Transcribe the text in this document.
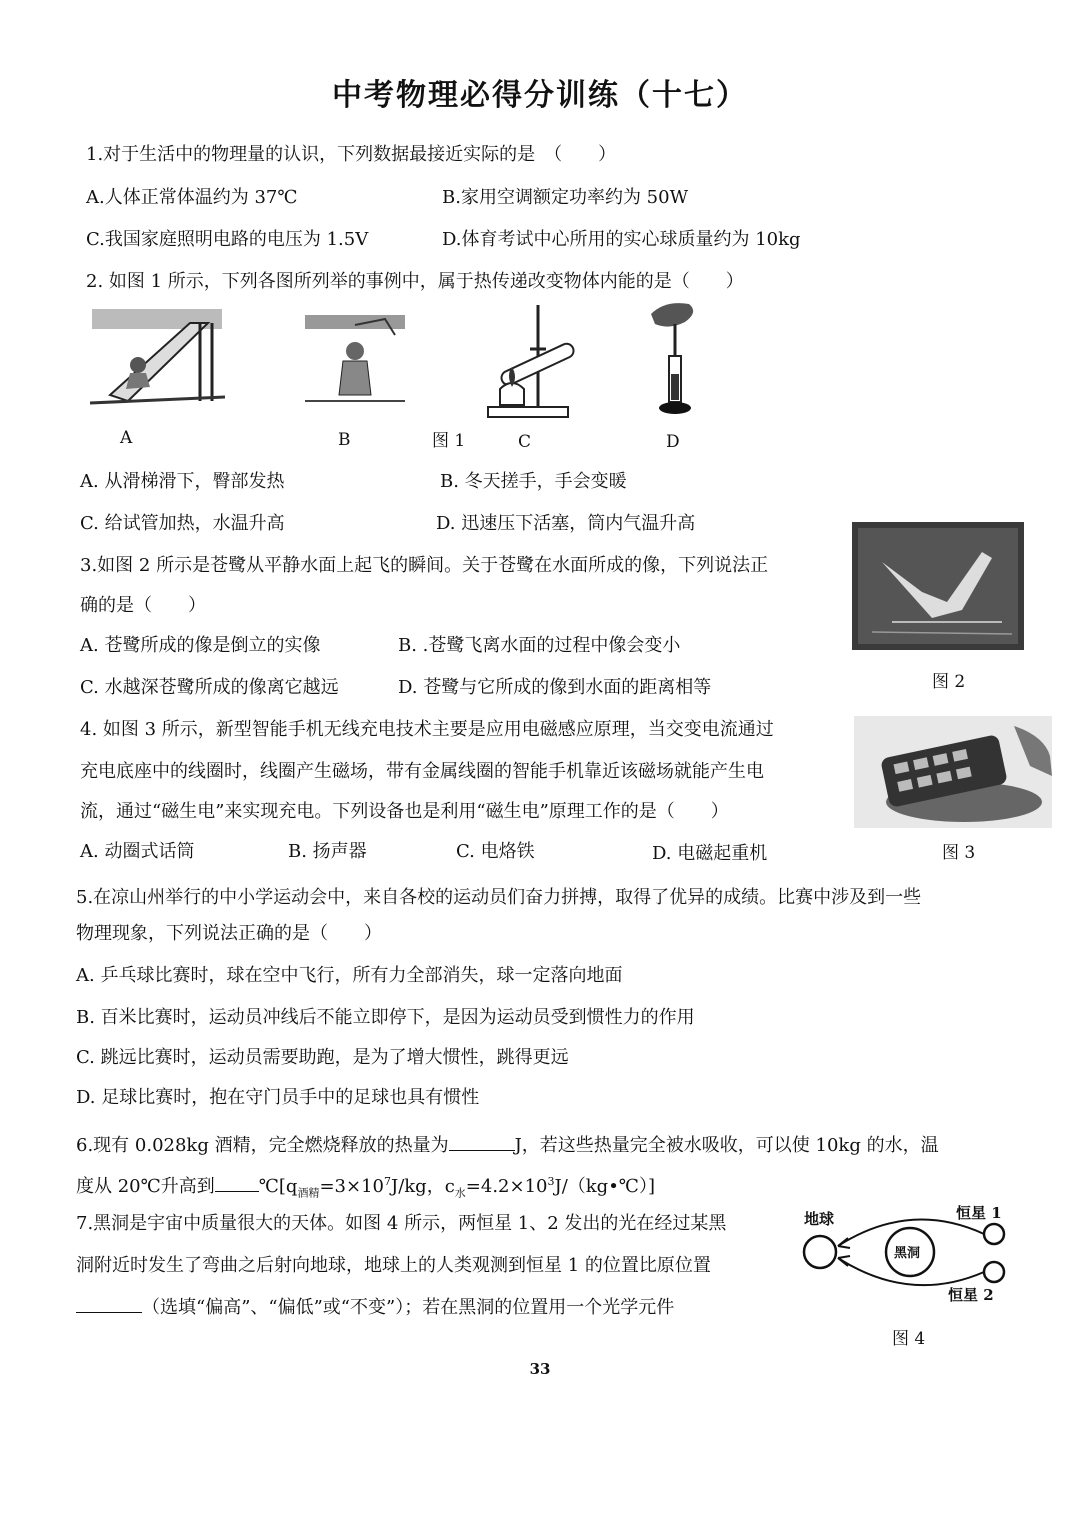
中考物理必得分训练（十七）
1.对于生活中的物理量的认识，下列数据最接近实际的是　（　　）
A.人体正常体温约为 37℃	B.家用空调额定功率约为 50W
C.我国家庭照明电路的电压为 1.5V	D.体育考试中心所用的实心球质量约为 10kg
2. 如图 1 所示，下列各图所列举的事例中，属于热传递改变物体内能的是（　　）
A	B	图 1	C	D
A. 从滑梯滑下，臀部发热	B. 冬天搓手，手会变暖
C. 给试管加热，水温升高	D. 迅速压下活塞，筒内气温升高
3.如图 2 所示是苍鹭从平静水面上起飞的瞬间。关于苍鹭在水面所成的像，下列说法正
确的是（　　）
A. 苍鹭所成的像是倒立的实像	B. .苍鹭飞离水面的过程中像会变小
C. 水越深苍鹭所成的像离它越远	D. 苍鹭与它所成的像到水面的距离相等	图 2
4. 如图 3 所示，新型智能手机无线充电技术主要是应用电磁感应原理，当交变电流通过
充电底座中的线圈时，线圈产生磁场，带有金属线圈的智能手机靠近该磁场就能产生电
流，通过“磁生电”来实现充电。下列设备也是利用“磁生电”原理工作的是（　　）
A. 动圈式话筒	B. 扬声器	C. 电烙铁	D. 电磁起重机	图 3
5.在凉山州举行的中小学运动会中，来自各校的运动员们奋力拼搏，取得了优异的成绩。比赛中涉及到一些
物理现象，下列说法正确的是（　　）
A. 乒乓球比赛时，球在空中飞行，所有力全部消失，球一定落向地面
B. 百米比赛时，运动员冲线后不能立即停下，是因为运动员受到惯性力的作用
C. 跳远比赛时，运动员需要助跑，是为了增大惯性，跳得更远
D. 足球比赛时，抱在守门员手中的足球也具有惯性
6.现有 0.028kg 酒精，完全燃烧释放的热量为	J，若这些热量完全被水吸收，可以使 10kg 的水，温
度从 20℃升高到 $℃[q_{酒精}=3\times 10^7J/kg$，$c_水=4.2\times 10^3J/(kg•℃)$]
7.黑洞是宇宙中质量很大的天体。如图 4 所示，两恒星 1、2 发出的光在经过某黑
洞附近时发生了弯曲之后射向地球，地球上的人类观测到恒星 1 的位置比原位置
（选填“偏高”、“偏低”或“不变”）；若在黑洞的位置用一个光学元件
地球	恒星 1
黑洞
恒星 2
图 4
33
